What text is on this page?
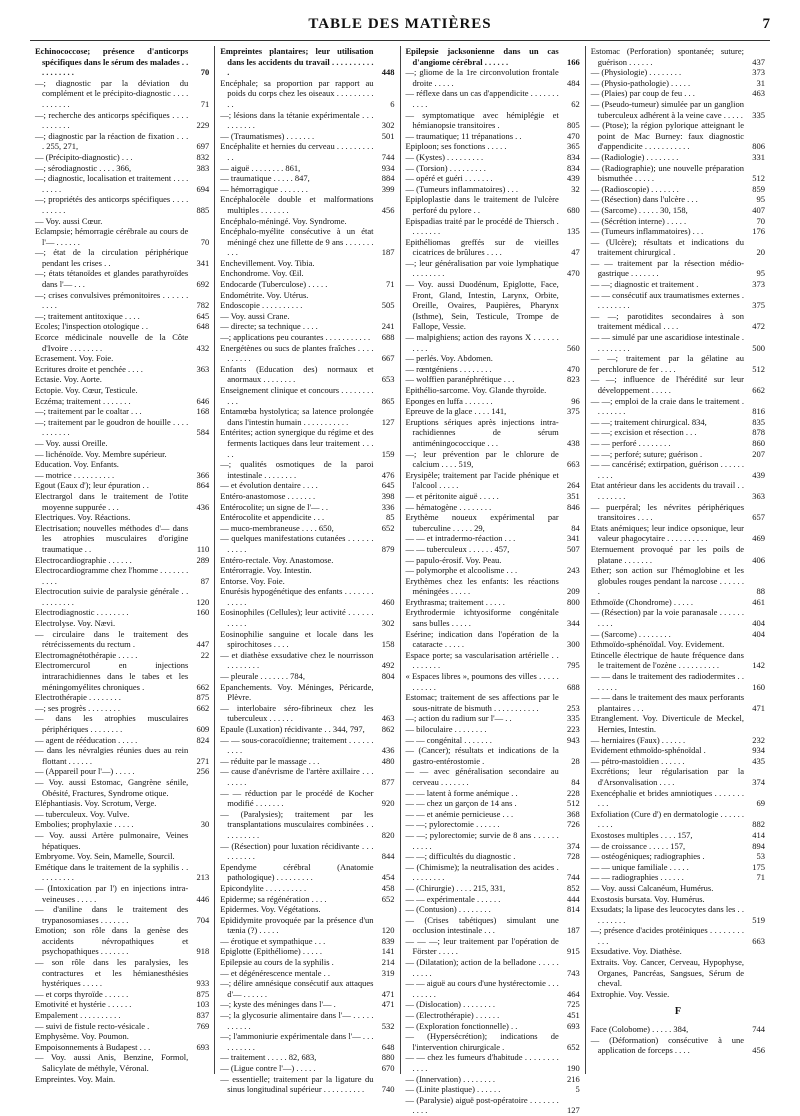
TABLE DES MATIÈRES	7
Echinococcose; présence d'anticorps spécifiques dans le sérum des malades . . . . . . . . . .	70
—; diagnostic par la déviation du complément et le précipito-diagnostic . . . . . . . . . . .	71
—; recherche des anticorps spécifiques . . . . . . . . . . .	229
—; diagnostic par la réaction de fixation . . . . 255, 271,	697
— (Précipito-diagnostic) . . .	832
—; sérodiagnostic . . . . 366,	383
—; diagnostic, localisation et traitement . . . . . . . . .	694
—; propriétés des anticorps spécifiques . . . . . . . . . .	885
— Voy. aussi Cœur.
Eclampsie; hémorragie cérébrale au cours de l'— . . . . . .	70
—; état de la circulation périphérique pendant les crises . .	341
—; états tétanoïdes et glandes parathyroïdes dans l'— . . .	692
—; crises convulsives prémonitoires . . . . . . . . . .	782
—; traitement antitoxique . . . .	645
Ecoles; l'inspection otologique . .	648
Ecorce médicinale nouvelle de la Côte d'Ivoire . . . . . . . .	432
Ecrasement. Voy. Foie.
Ecritures droite et penchée . . . .	363
Ectasie. Voy. Aorte.
Ectopie. Voy. Cœur, Testicule.
Eczéma; traitement . . . . . . .	646
—; traitement par le coaltar . . .	168
—; traitement par le goudron de houille . . . . . . . . . . .	584
— Voy. aussi Oreille.
— lichénoïde. Voy. Membre supérieur.
Education. Voy. Enfants.
— motrice . . . . . . . . . .	366
Egout (Eaux d'); leur épuration . .	864
Electrargol dans le traitement de l'otite moyenne suppurée . . .	436
Electriques. Voy. Réactions.
Electrisation; nouvelles méthodes d'— dans les atrophies musculaires d'origine traumatique . .	110
Electrocardiographie . . . . . .	289
Electrocardiogramme chez l'homme . . . . . . . . . . .	87
Electrocution suivie de paralysie générale . . . . . . . . . .	120
Electrodiagnostic . . . . . . . .	160
Electrolyse. Voy. Nævi.
— circulaire dans le traitement des rétrécissements du rectum .	447
Electromagnétothérapie . . . . .	22
Electromercurol en injections intrarachidiennes dans le tabes et les méningomyélites chroniques .	662
Electrothérapie . . . . . . . .	875
—; ses progrès . . . . . . . .	662
— dans les atrophies musculaires périphériques . . . . . . . .	609
— agent de rééducation . . . . .	824
— dans les névralgies réunies dues au rein flottant . . . . . .	271
— (Appareil pour l'—) . . . . .	256
— Voy. aussi Estomac, Gangrène sénile, Obésité, Fractures, Syndrome otique.
Eléphantiasis. Voy. Scrotum, Verge.
— tuberculeux. Voy. Vulve.
Embolies; prophylaxie . . . . .	30
— Voy. aussi Artère pulmonaire, Veines hépatiques.
Embryome. Voy. Sein, Mamelle, Sourcil.
Emétique dans le traitement de la syphilis . . . . . . . . . .	213
— (Intoxication par l') en injections intra-veineuses . . . . .	446
— d'aniline dans le traitement des trypanosomiases . . . . . . .	704
Emotion; son rôle dans la genèse des accidents névropathiques et psychopathiques . . . . . . .	918
— son rôle dans les paralysies, les contractures et les hémianesthésies hystériques . . . . .	933
— et corps thyroïde . . . . . .	875
Emotivité et hystérie . . . . . .	103
Empalement . . . . . . . . . .	837
— suivi de fistule recto-vésicale .	769
Emphysème. Voy. Poumon.
Empoisonnements à Budapest . . .	693
— Voy. aussi Anis, Benzine, Formol, Salicylate de méthyle, Véronal.
Empreintes. Voy. Main.
Empreintes plantaires; leur utilisation dans les accidents du travail . . . . . . . . . . .	448
Encéphale; sa proportion par rapport au poids du corps chez les oiseaux . . . . . . . . . . .	6
—; lésions dans la tétanie expérimentale . . . . . . . . . .	302
— (Traumatismes) . . . . . . .	501
Encéphalite et hernies du cerveau . . . . . . . . . . .	744
— aiguë . . . . . . . . 861,	934
— traumatique . . . . . 847,	884
— hémorragique . . . . . . .	399
Encéphalocèle double et malformations multiples . . . . . . .	456
Encéphalo-méningé. Voy. Syndrome.
Encéphalo-myélite consécutive à un état méningé chez une fillette de 9 ans . . . . . . . . . .	187
Enchevillement. Voy. Tibia.
Enchondrome. Voy. Œil.
Endocarde (Tuberculose) . . . . .	71
Endométrite. Voy. Utérus.
Endoscopie . . . . . . . . . .	505
— Voy. aussi Crane.
— directe; sa technique . . . .	241
—; applications peu courantes . . . . . . . . . . .	688
Energétènes ou sucs de plantes fraîches . . . . . . . . . .	667
Enfants (Education des) normaux et anormaux . . . . . . . .	653
Enseignement clinique et concours . . . . . . . . . . .	865
Entamœba hystolytica; sa latence prolongée dans l'intestin humain . . . . . . . . . . .	127
Entérites; action synergique du régime et des ferments lactiques dans leur traitement . . . . .	159
—; qualités osmotiques de la paroi intestinale . . . . . . . .	476
— et évolution dentaire . . . .	645
Entéro-anastomose . . . . . . .	398
Entérocolite; un signe de l'— . .	336
Entérocolite et appendicite . . .	85
— muco-membraneuse . . . . 650,	652
— quelques manifestations cutanées . . . . . . . . . . .	879
Entéro-rectale. Voy. Anastomose.
Entérorragie. Voy. Intestin.
Entorse. Voy. Foie.
Enurésis hypogénétique des enfants . . . . . . . . . . . .	460
Eosinophiles (Cellules); leur activité . . . . . . . . . . .	302
Eosinophilie sanguine et locale dans les spirochitoses . . . .	158
— et diathèse exsudative chez le nourrisson . . . . . . . .	492
— pleurale . . . . . . . 784,	804
Epanchements. Voy. Méninges, Péricarde, Plèvre.
— interlobaire séro-fibrineux chez les tuberculeux . . . . . .	463
Epaule (Luxation) récidivante . . 344, 797,	862
— — sous-coracoïdienne; traitement . . . . . . . . . .	436
— réduite par le massage . . .	480
— cause d'anévrisme de l'artère axillaire . . . . . . . .	877
— — réduction par le procédé de Kocher modifié . . . . . . .	920
— (Paralysies); traitement par les transplantations musculaires combinées . . . . . . . . . .	820
— (Résection) pour luxation récidivante . . . . . . . . . .	844
Ependyme cérébral (Anatomie pathologique) . . . . . . . . .	454
Epicondylite . . . . . . . . . .	458
Epiderme; sa régénération . . . .	652
Epidermes. Voy. Végétations.
Epididymite provoquée par la présence d'un tænia (?) . . . . .	120
— érotique et sympathique . . .	839
Epiglotte (Epithéliome) . . . . .	141
Epilepsie au cours de la syphilis .	214
— et dégénérescence mentale . .	319
—; délire amnésique consécutif aux attaques d'— . . . . . .	471
—; kyste des méninges dans l'— .	471
—; la glycosurie alimentaire dans l'— . . . . . . . . . . .	532
—; l'ammoniurie expérimentale dans l'— . . . . . . . . . .	648
— traitement . . . . . 82, 683,	880
— (Ligue contre l'—) . . . . .	670
— essentielle; traitement par la ligature du sinus longitudinal supérieur . . . . . . . . . .	740
Epilepsie jacksonienne dans un cas d'angiome cérébral . . . . . .	166
—; gliome de la 1re circonvolution frontale droite . . . . .	484
— réflexe dans un cas d'appendicite . . . . . . . . . . .	62
— symptomatique avec hémiplégie et hémianopsie transitoires .	805
— traumatique; 11 trépanations . .	470
Epiploon; ses fonctions . . . . .	365
— (Kystes) . . . . . . . . .	834
— (Torsion) . . . . . . . . .	834
— opéré et guéri . . . . . . .	439
— (Tumeurs inflammatoires) . . .	32
Epiploplastie dans le traitement de l'ulcère perforé du pylore . .	680
Epispadias traité par le procédé de Thiersch . . . . . . . .	135
Epithéliomas greffés sur de vieilles cicatrices de brûlures . . . .	47
—; leur généralisation par voie lymphatique . . . . . . . .	470
— Voy. aussi Duodénum, Epiglotte, Face, Front, Gland, Intestin, Larynx, Orbite, Oreille, Ovaires, Paupières, Pharynx (Isthme), Sein, Testicule, Trompe de Fallope, Vessie.
— malpighiens; action des rayons X . . . . . . . . . .	560
— perlés. Voy. Abdomen.
— rœntgéniens . . . . . . . .	470
— wolffien paranéphrétique . . .	823
Epithélio-sarcome. Voy. Glande thyroïde.
Eponges en luffa . . . . . . .	96
Epreuve de la glace . . . . 141,	375
Eruptions sériques après injections intra-rachidiennes de sérum antiméningococcique . . .	438
—; leur prévention par le chlorure de calcium . . . . 519,	663
Erysipèle; traitement par l'acide phénique et l'alcool . . . . .	264
— et péritonite aiguë . . . . .	351
— hématogène . . . . . . . .	846
Erythème noueux expérimental par tuberculine . . . . . 29,	84
— — et intradermo-réaction . . .	341
— — tuberculeux . . . . . . 457,	507
— papulo-érosif. Voy. Peau.
— polymorphe et alcoolisme . . .	243
Erythèmes chez les enfants: les réactions méningées . . . . .	209
Erythrasma; traitement . . . . .	800
Erythrodermie ichtyosiforme congénitale sans bulles . . . . .	344
Esérine; indication dans l'opération de la cataracte . . . . .	300
Espace porte; sa vascularisation artérielle . . . . . . . . .	795
« Espaces libres », poumons des villes . . . . . . . . . . .	688
Estomac; traitement de ses affections par le sous-nitrate de bismuth . . . . . . . . . . .	253
—; action du radium sur l'— . .	335
— biloculaire . . . . . . . .	223
— — congénital . . . . . . .	943
— (Cancer); résultats et indications de la gastro-entérostomie .	28
— — avec généralisation secondaire au cerveau . . . . . . .	84
— — latent à forme anémique . .	228
— — chez un garçon de 14 ans .	512
— — et anémie pernicieuse . . .	368
— —; pylorectomie . . . . . .	726
— —; pylorectomie; survie de 8 ans . . . . . . . . . . .	374
— —; difficultés du diagnostic .	728
— (Chimisme); la neutralisation des acides . . . . . . . . .	744
— (Chirurgie) . . . . 215, 331,	852
— — expérimentale . . . . . .	444
— (Contusion) . . . . . . . .	814
— (Crises tabétiques) simulant une occlusion intestinale . . .	187
— — —; leur traitement par l'opération de Förster . . . . .	915
— (Dilatation); action de la belladone . . . . . . . . . .	743
— — aiguë au cours d'une hystérectomie . . . . . . . . .	464
— (Dislocation) . . . . . . . .	725
— (Electrothérapie) . . . . . .	451
— (Exploration fonctionnelle) . .	693
— (Hypersécrétion); indications de l'intervention chirurgicale .	652
— — chez les fumeurs d'habitude . . . . . . . . . . . .	190
— (Innervation) . . . . . . . .	216
— (Linite plastique) . . . . . .	5
— (Paralysie) aiguë post-opératoire . . . . . . . . . . .	127
Estomac (Perforation) spontanée; suture; guérison . . . . . .	437
— (Physiologie) . . . . . . . .	373
— (Physio-pathologie) . . . . .	31
— (Plaies) par coup de feu . . .	463
— (Pseudo-tumeur) simulée par un ganglion tuberculeux adhérent à la veine cave . . . . .	335
— (Ptose); la région pylorique atteignant le point de Mac Burney: faux diagnostic d'appendicite . . . . . . . . . . .	806
— (Radiologie) . . . . . . . .	331
— (Radiographie); une nouvelle préparation bismuthée . . . . .	512
— (Radioscopie) . . . . . . .	859
— (Résection) dans l'ulcère . . .	95
— (Sarcome) . . . . . 30, 158,	407
— (Sécrétion interne) . . . . .	70
— (Tumeurs inflammatoires) . . .	176
— (Ulcère); résultats et indications du traitement chirurgical .	20
— — traitement par la résection médio-gastrique . . . . . . .	95
— —; diagnostic et traitement .	373
— — consécutif aux traumatismes externes . . . . . . . . .	375
— —; parotidites secondaires à son traitement médical . . . .	472
— — simulé par une ascaridiose intestinale . . . . . . . . .	500
— —; traitement par la gélatine au perchlorure de fer . . . .	512
— —; influence de l'hérédité sur leur développement . . . . .	662
— —; emploi de la craie dans le traitement . . . . . . . .	816
— —; traitement chirurgical. 834,	835
— —; excision et résection . . .	878
— — perforé . . . . . . . .	860
— —; perforé; suture; guérison .	207
— — cancérisé; extirpation, guérison . . . . . . . . . .	439
Etat antérieur dans les accidents du travail . . . . . . . . .	363
— puerpéral; les névrites périphériques transitoires . . . .	657
Etats anémiques; leur indice opsonique, leur valeur phagocytaire . . . . . . . . . .	469
Eternuement provoqué par les poils de platane . . . . . . .	406
Ether; son action sur l'hémoglobine et les globules rouges pendant la narcose . . . . . . .	88
Ethmoïde (Chondrome) . . . . .	461
— (Résection) par la voie paranasale . . . . . . . . . .	404
— (Sarcome) . . . . . . . .	404
Ethmoïdo-sphénoïdal. Voy. Evidement.
Etincelle électrique de haute fréquence dans le traitement de l'ozène . . . . . . . . . .	142
— — dans le traitement des radiodermites . . . . . . .	160
— — dans le traitement des maux perforants plantaires . . .	471
Etranglement. Voy. Diverticule de Meckel, Hernies, Intestin.
— herniaires (Faux) . . . . . .	232
Evidement ethmoïdo-sphénoïdal .	934
— pétro-mastoïdien . . . . . .	435
Excrétions; leur régularisation par la d'Arsonvalisation . . . .	374
Exencéphalie et brides amniotiques . . . . . . . . . .	69
Exfoliation (Cure d') en dermatologie . . . . . . . . . .	882
Exostoses multiples . . . . 157,	414
— de croissance . . . . . 157,	894
— ostéogéniques; radiographies .	53
— — unique familiale . . . . .	175
— — radiographies . . . . . .	71
— Voy. aussi Calcanéum, Humérus.
Exostosis bursata. Voy. Humérus.
Exsudats; la lipase des leucocytes dans les . . . . . . . . .	519
—; présence d'acides protéiniques . . . . . . . . . . .	663
Exsudative. Voy. Diathèse.
Extraits. Voy. Cancer, Cerveau, Hypophyse, Organes, Pancréas, Sangsues, Sérum de cheval.
Extrophie. Voy. Vessie.
F
Face (Colobome) . . . . . 384,	744
— (Déformation) consécutive à une application de forceps . . . .	456
